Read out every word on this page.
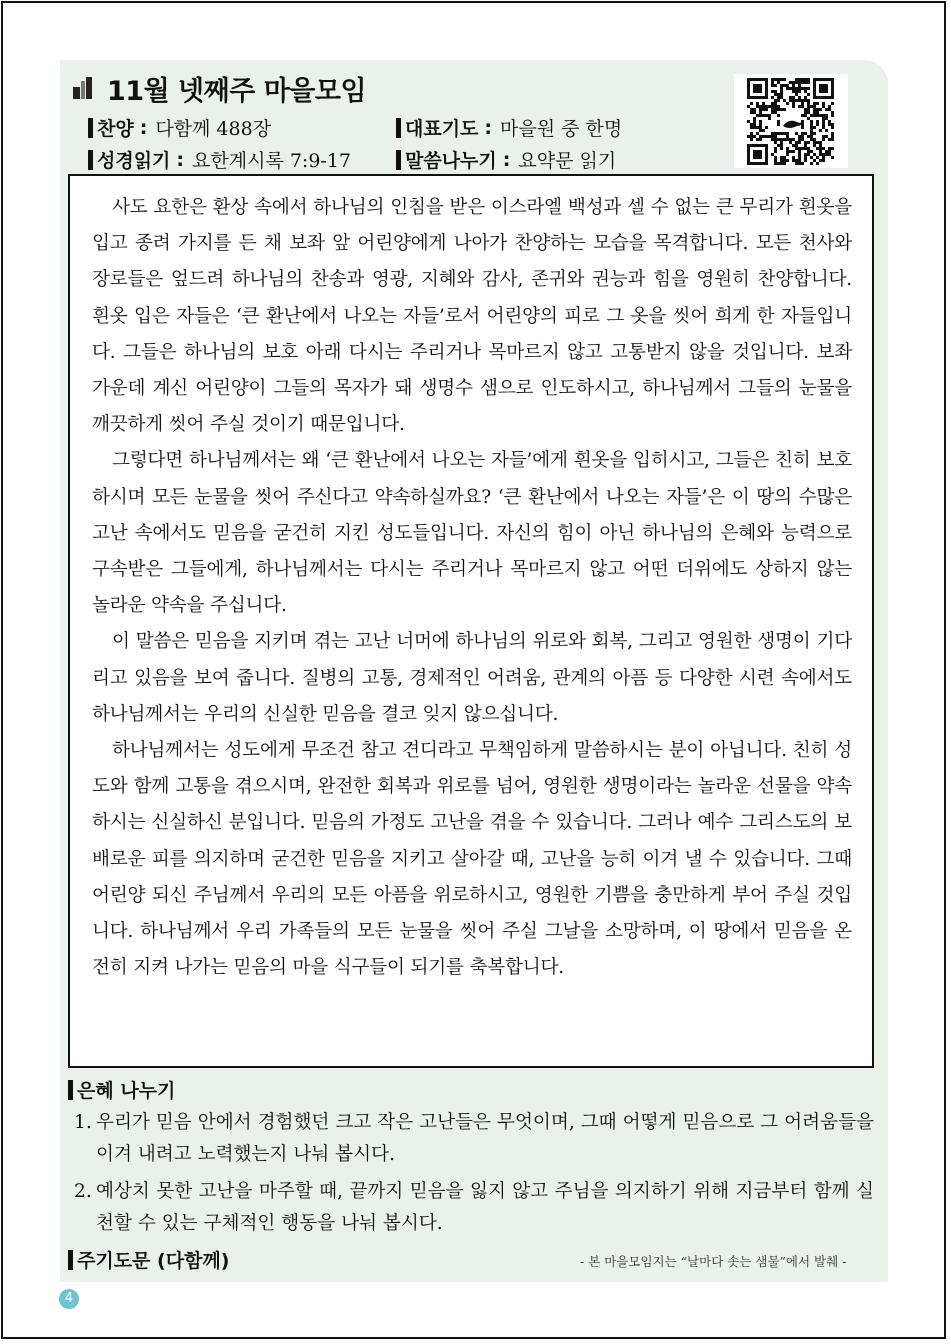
11월 넷째주 마을모임
찬양 : 다함께 488장	대표기도 : 마을원 중 한명
성경읽기 : 요한계시록 7:9-17	말씀나누기 : 요약문 읽기

사도 요한은 환상 속에서 하나님의 인침을 받은 이스라엘 백성과 셀 수 없는 큰 무리가 흰옷을 입고 종려 가지를 든 채 보좌 앞 어린양에게 나아가 찬양하는 모습을 목격합니다. 모든 천사와 장로들은 엎드려 하나님의 찬송과 영광, 지혜와 감사, 존귀와 권능과 힘을 영원히 찬양합니다. 흰옷 입은 자들은 ‘큰 환난에서 나오는 자들’로서 어린양의 피로 그 옷을 씻어 희게 한 자들입니다. 그들은 하나님의 보호 아래 다시는 주리거나 목마르지 않고 고통받지 않을 것입니다. 보좌 가운데 계신 어린양이 그들의 목자가 돼 생명수 샘으로 인도하시고, 하나님께서 그들의 눈물을 깨끗하게 씻어 주실 것이기 때문입니다.

그렇다면 하나님께서는 왜 ‘큰 환난에서 나오는 자들’에게 흰옷을 입히시고, 그들은 친히 보호하시며 모든 눈물을 씻어 주신다고 약속하실까요? ‘큰 환난에서 나오는 자들’은 이 땅의 수많은 고난 속에서도 믿음을 굳건히 지킨 성도들입니다. 자신의 힘이 아닌 하나님의 은혜와 능력으로 구속받은 그들에게, 하나님께서는 다시는 주리거나 목마르지 않고 어떤 더위에도 상하지 않는 놀라운 약속을 주십니다.

이 말씀은 믿음을 지키며 겪는 고난 너머에 하나님의 위로와 회복, 그리고 영원한 생명이 기다리고 있음을 보여 줍니다. 질병의 고통, 경제적인 어려움, 관계의 아픔 등 다양한 시련 속에서도 하나님께서는 우리의 신실한 믿음을 결코 잊지 않으십니다.

하나님께서는 성도에게 무조건 참고 견디라고 무책임하게 말씀하시는 분이 아닙니다. 친히 성도와 함께 고통을 겪으시며, 완전한 회복과 위로를 넘어, 영원한 생명이라는 놀라운 선물을 약속하시는 신실하신 분입니다. 믿음의 가정도 고난을 겪을 수 있습니다. 그러나 예수 그리스도의 보배로운 피를 의지하며 굳건한 믿음을 지키고 살아갈 때, 고난을 능히 이겨 낼 수 있습니다. 그때 어린양 되신 주님께서 우리의 모든 아픔을 위로하시고, 영원한 기쁨을 충만하게 부어 주실 것입니다. 하나님께서 우리 가족들의 모든 눈물을 씻어 주실 그날을 소망하며, 이 땅에서 믿음을 온전히 지켜 나가는 믿음의 마을 식구들이 되기를 축복합니다.

은혜 나누기
1. 우리가 믿음 안에서 경험했던 크고 작은 고난들은 무엇이며, 그때 어떻게 믿음으로 그 어려움들을 이겨 내려고 노력했는지 나눠 봅시다.
2. 예상치 못한 고난을 마주할 때, 끝까지 믿음을 잃지 않고 주님을 의지하기 위해 지금부터 함께 실천할 수 있는 구체적인 행동을 나눠 봅시다.
주기도문 (다함께)	- 본 마을모임지는 “날마다 솟는 샘물”에서 발췌 -
4
